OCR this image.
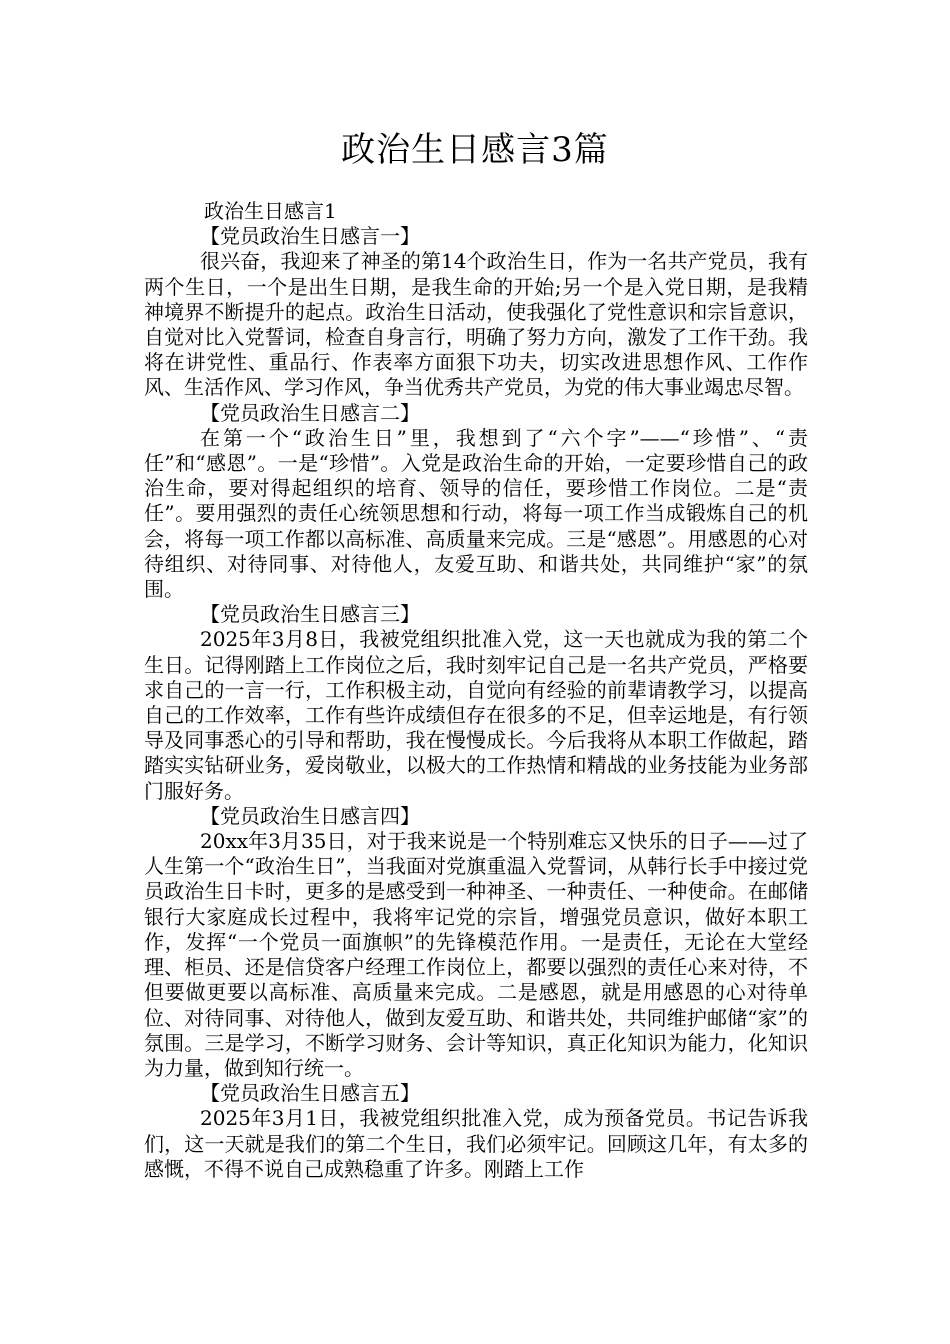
政治生日感言3篇

政治生日感言1

【党员政治生日感言一】

很兴奋，我迎来了神圣的第14个政治生日，作为一名共产党员，我有两个生日，一个是出生日期，是我生命的开始;另一个是入党日期，是我精神境界不断提升的起点。政治生日活动，使我强化了党性意识和宗旨意识，自觉对比入党誓词，检查自身言行，明确了努力方向，激发了工作干劲。我将在讲党性、重品行、作表率方面狠下功夫，切实改进思想作风、工作作风、生活作风、学习作风，争当优秀共产党员，为党的伟大事业竭忠尽智。

【党员政治生日感言二】

在第一个“政治生日”里，我想到了“六个字”——“珍惜”、“责任”和“感恩”。一是“珍惜”。入党是政治生命的开始，一定要珍惜自己的政治生命，要对得起组织的培育、领导的信任，要珍惜工作岗位。二是“责任”。要用强烈的责任心统领思想和行动，将每一项工作当成锻炼自己的机会，将每一项工作都以高标准、高质量来完成。三是“感恩”。用感恩的心对待组织、对待同事、对待他人，友爱互助、和谐共处，共同维护“家”的氛围。

【党员政治生日感言三】

2025年3月8日，我被党组织批准入党，这一天也就成为我的第二个生日。记得刚踏上工作岗位之后，我时刻牢记自己是一名共产党员，严格要求自己的一言一行，工作积极主动，自觉向有经验的前辈请教学习，以提高自己的工作效率，工作有些许成绩但存在很多的不足，但幸运地是，有行领导及同事悉心的引导和帮助，我在慢慢成长。今后我将从本职工作做起，踏踏实实钻研业务，爱岗敬业，以极大的工作热情和精战的业务技能为业务部门服好务。

【党员政治生日感言四】

20xx年3月35日，对于我来说是一个特别难忘又快乐的日子——过了人生第一个“政治生日”，当我面对党旗重温入党誓词，从韩行长手中接过党员政治生日卡时，更多的是感受到一种神圣、一种责任、一种使命。在邮储银行大家庭成长过程中，我将牢记党的宗旨，增强党员意识，做好本职工作，发挥“一个党员一面旗帜”的先锋模范作用。一是责任，无论在大堂经理、柜员、还是信贷客户经理工作岗位上，都要以强烈的责任心来对待，不但要做更要以高标准、高质量来完成。二是感恩，就是用感恩的心对待单位、对待同事、对待他人，做到友爱互助、和谐共处，共同维护邮储“家”的氛围。三是学习，不断学习财务、会计等知识，真正化知识为能力，化知识为力量，做到知行统一。

【党员政治生日感言五】

2025年3月1日，我被党组织批准入党，成为预备党员。书记告诉我们，这一天就是我们的第二个生日，我们必须牢记。回顾这几年，有太多的感慨，不得不说自己成熟稳重了许多。刚踏上工作
